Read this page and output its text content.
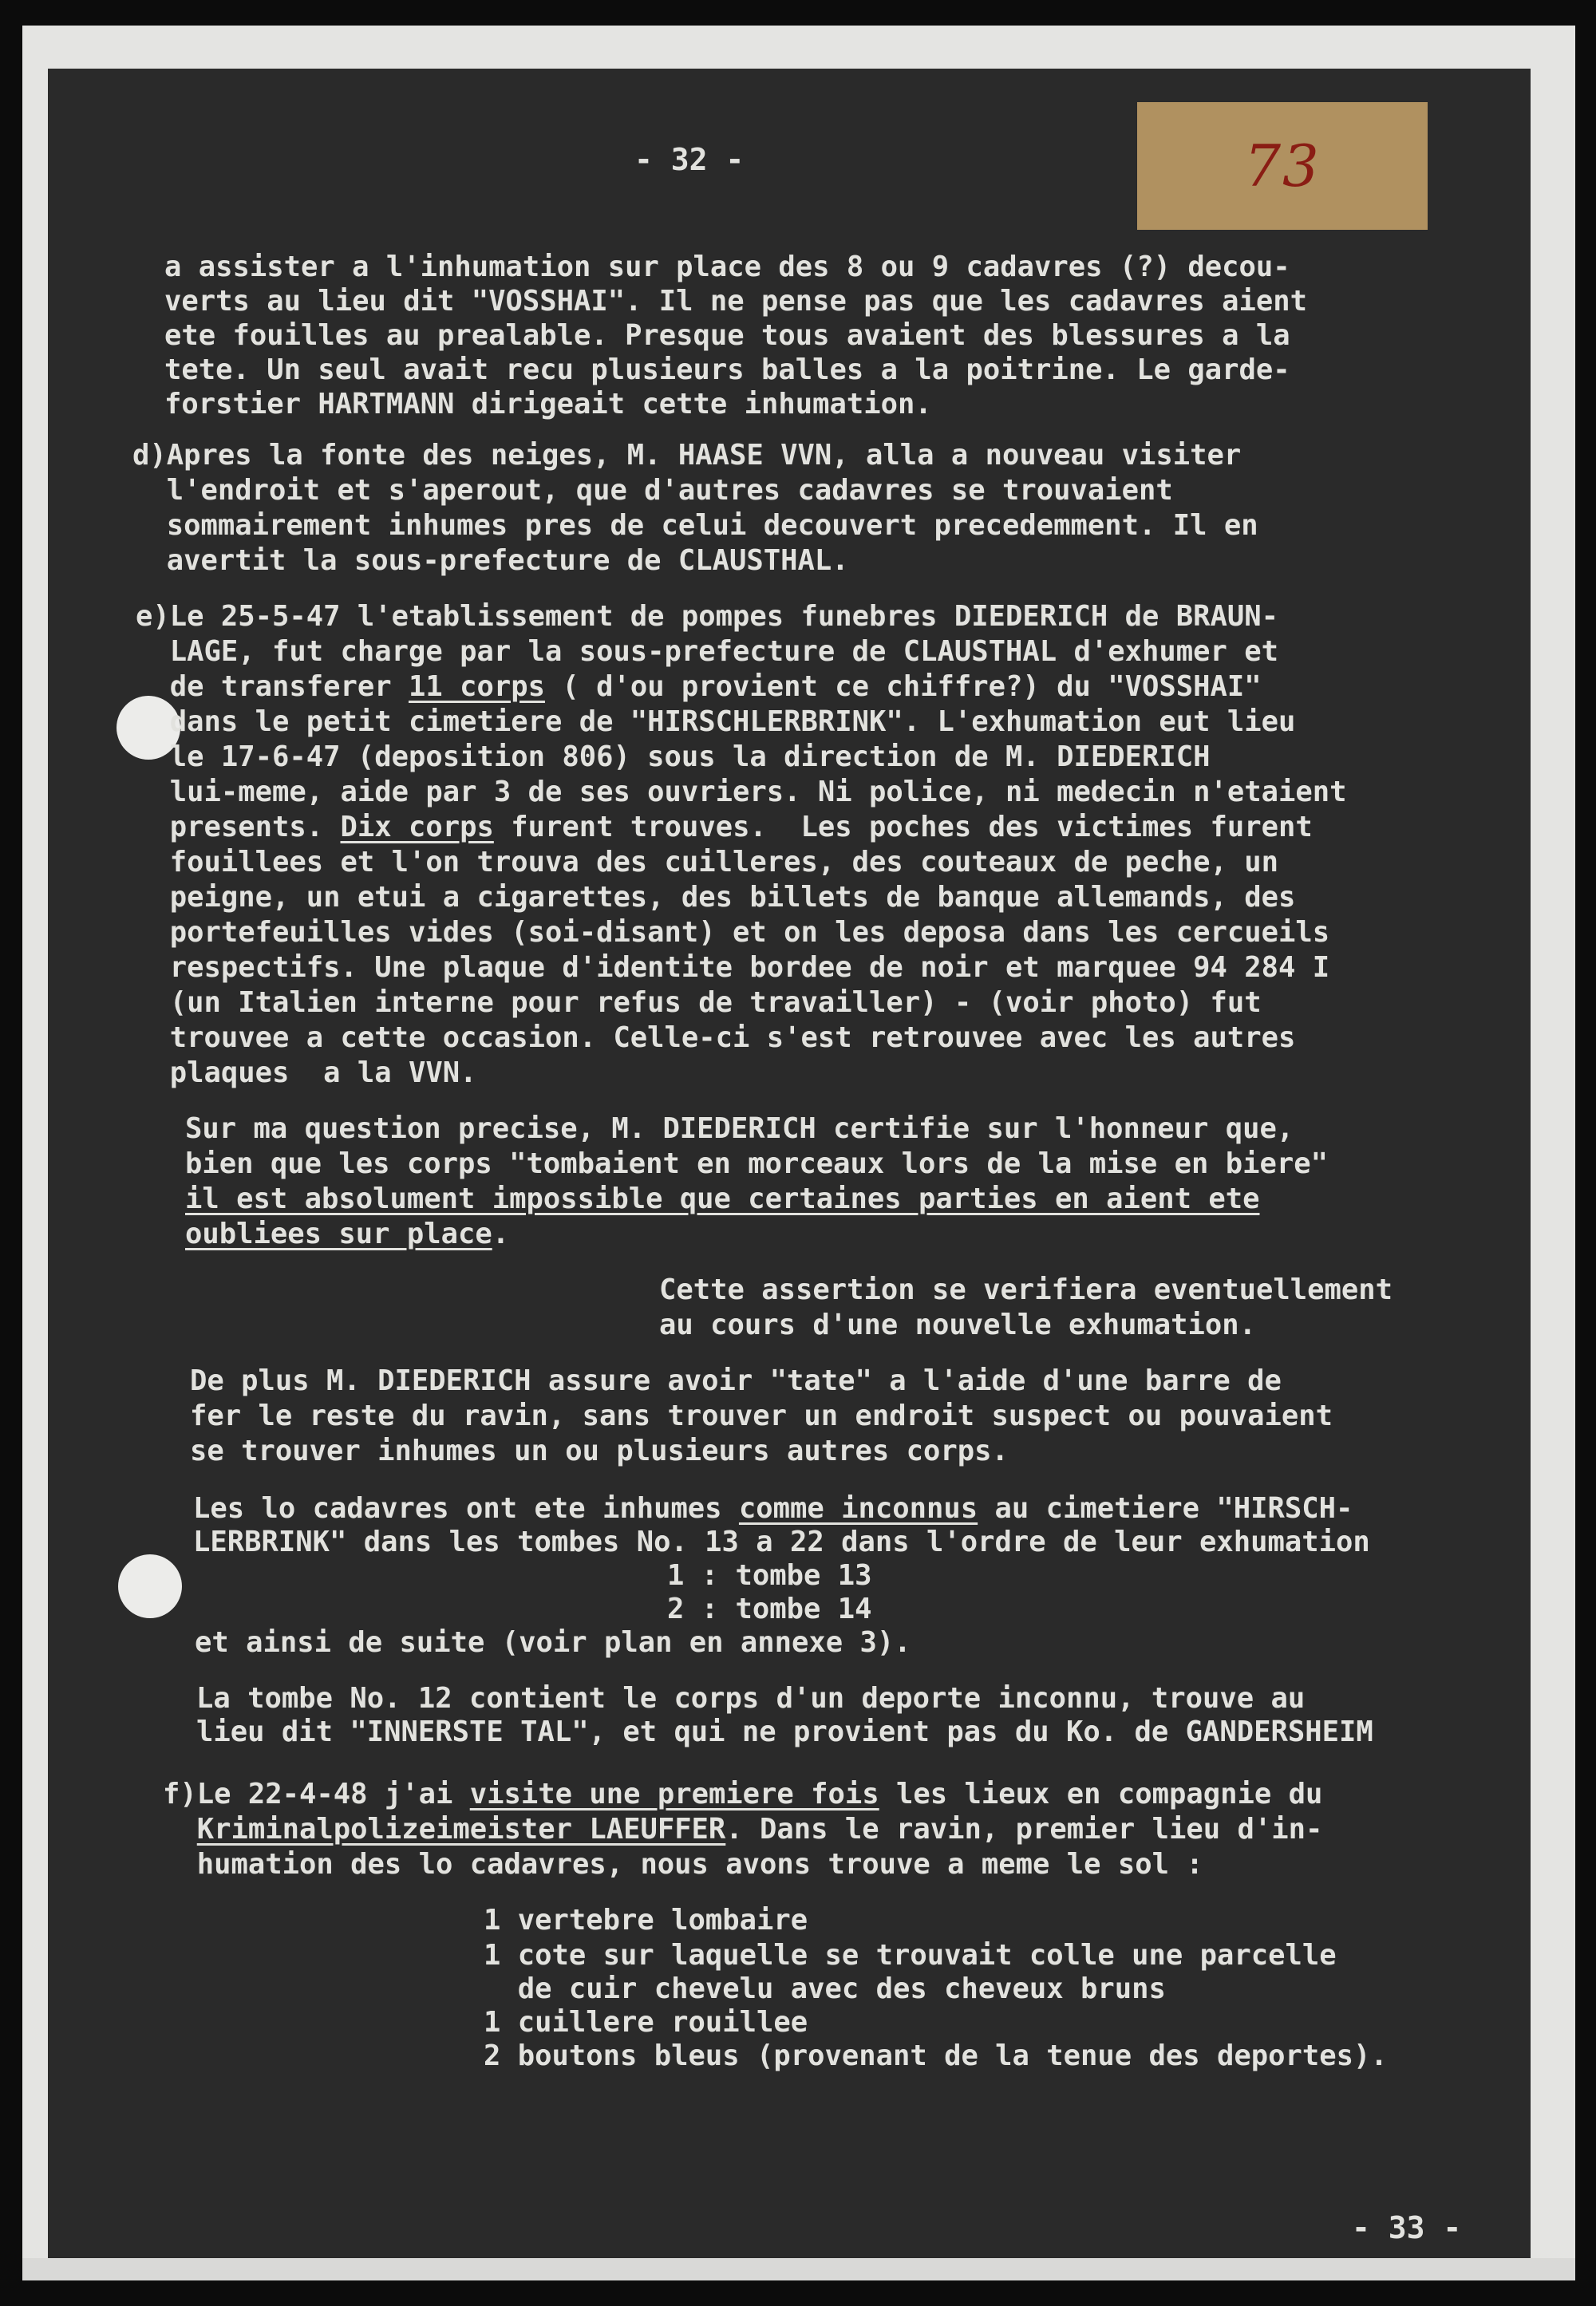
73
- 32 -
a assister a l'inhumation sur place des 8 ou 9 cadavres (?) decou-
verts au lieu dit "VOSSHAI". Il ne pense pas que les cadavres aient
ete fouilles au prealable. Presque tous avaient des blessures a la
tete. Un seul avait recu plusieurs balles a la poitrine. Le garde-
forstier HARTMANN dirigeait cette inhumation.
d)Apres la fonte des neiges, M. HAASE VVN, alla a nouveau visiter
l'endroit et s'aperout, que d'autres cadavres se trouvaient
sommairement inhumes pres de celui decouvert precedemment. Il en
avertit la sous-prefecture de CLAUSTHAL.
e)Le 25-5-47 l'etablissement de pompes funebres DIEDERICH de BRAUN-
LAGE, fut charge par la sous-prefecture de CLAUSTHAL d'exhumer et
de transferer 11 corps ( d'ou provient ce chiffre?) du "VOSSHAI"
dans le petit cimetiere de "HIRSCHLERBRINK". L'exhumation eut lieu
le 17-6-47 (deposition 806) sous la direction de M. DIEDERICH
lui-meme, aide par 3 de ses ouvriers. Ni police, ni medecin n'etaient
presents. Dix corps furent trouves.  Les poches des victimes furent
fouillees et l'on trouva des cuilleres, des couteaux de peche, un
peigne, un etui a cigarettes, des billets de banque allemands, des
portefeuilles vides (soi-disant) et on les deposa dans les cercueils
respectifs. Une plaque d'identite bordee de noir et marquee 94 284 I
(un Italien interne pour refus de travailler) - (voir photo) fut
trouvee a cette occasion. Celle-ci s'est retrouvee avec les autres
plaques  a la VVN.
Sur ma question precise, M. DIEDERICH certifie sur l'honneur que,
bien que les corps "tombaient en morceaux lors de la mise en biere"
il est absolument impossible que certaines parties en aient ete
oubliees sur place.
Cette assertion se verifiera eventuellement
au cours d'une nouvelle exhumation.
De plus M. DIEDERICH assure avoir "tate" a l'aide d'une barre de
fer le reste du ravin, sans trouver un endroit suspect ou pouvaient
se trouver inhumes un ou plusieurs autres corps.
Les lo cadavres ont ete inhumes comme inconnus au cimetiere "HIRSCH-
LERBRINK" dans les tombes No. 13 a 22 dans l'ordre de leur exhumation
1 : tombe 13
2 : tombe 14
et ainsi de suite (voir plan en annexe 3).
La tombe No. 12 contient le corps d'un deporte inconnu, trouve au
lieu dit "INNERSTE TAL", et qui ne provient pas du Ko. de GANDERSHEIM
f)Le 22-4-48 j'ai visite une premiere fois les lieux en compagnie du
Kriminalpolizeimeister LAEUFFER. Dans le ravin, premier lieu d'in-
humation des lo cadavres, nous avons trouve a meme le sol :
1 vertebre lombaire
1 cote sur laquelle se trouvait colle une parcelle
de cuir chevelu avec des cheveux bruns
1 cuillere rouillee
2 boutons bleus (provenant de la tenue des deportes).
- 33 -
